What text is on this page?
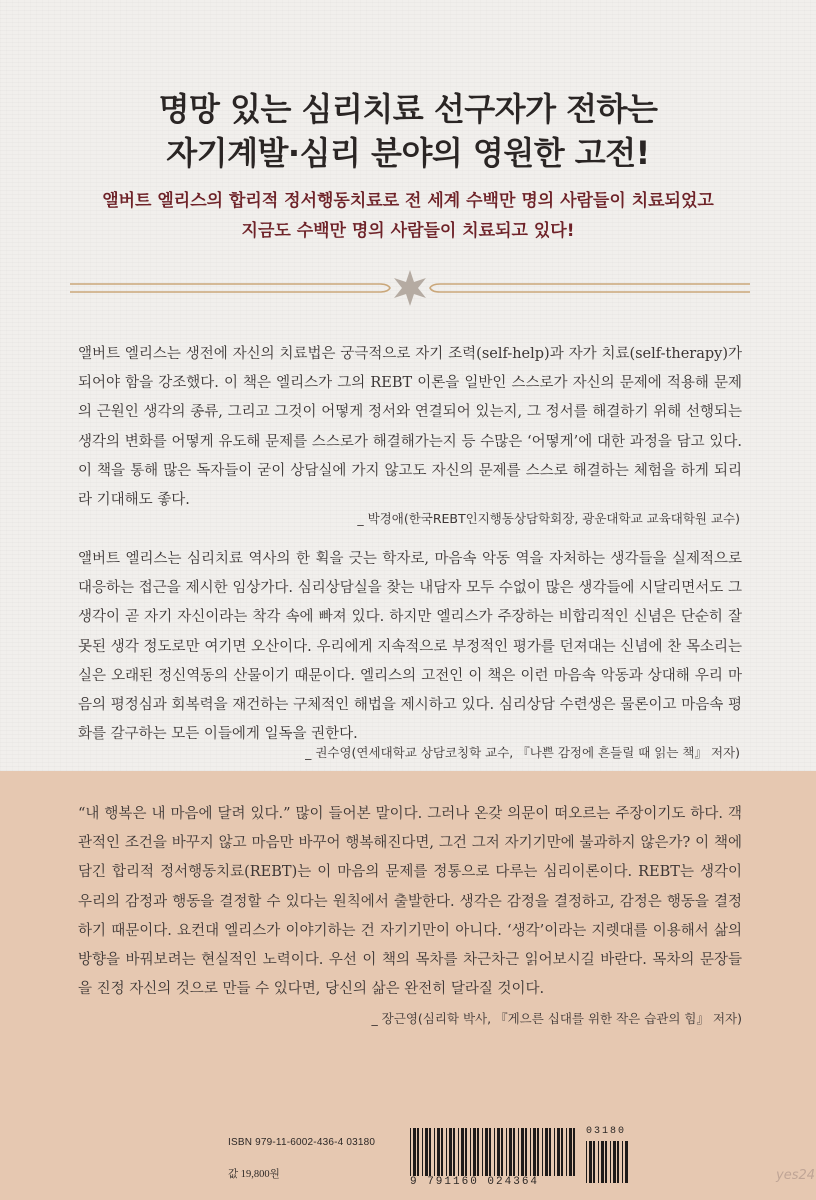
명망 있는 심리치료 선구자가 전하는
자기계발·심리 분야의 영원한 고전!
앨버트 엘리스의 합리적 정서행동치료로 전 세계 수백만 명의 사람들이 치료되었고
지금도 수백만 명의 사람들이 치료되고 있다!

앨버트 엘리스는 생전에 자신의 치료법은 궁극적으로 자기 조력(self-help)과 자가 치료(self-therapy)가 되어야 함을 강조했다. 이 책은 엘리스가 그의 REBT 이론을 일반인 스스로가 자신의 문제에 적용해 문제의 근원인 생각의 종류, 그리고 그것이 어떻게 정서와 연결되어 있는지, 그 정서를 해결하기 위해 선행되는 생각의 변화를 어떻게 유도해 문제를 스스로가 해결해가는지 등 수많은 ‘어떻게’에 대한 과정을 담고 있다. 이 책을 통해 많은 독자들이 굳이 상담실에 가지 않고도 자신의 문제를 스스로 해결하는 체험을 하게 되리라 기대해도 좋다.

_ 박경애(한국REBT인지행동상담학회장, 광운대학교 교육대학원 교수)

앨버트 엘리스는 심리치료 역사의 한 획을 긋는 학자로, 마음속 악동 역을 자처하는 생각들을 실제적으로 대응하는 접근을 제시한 임상가다. 심리상담실을 찾는 내담자 모두 수없이 많은 생각들에 시달리면서도 그 생각이 곧 자기 자신이라는 착각 속에 빠져 있다. 하지만 엘리스가 주장하는 비합리적인 신념은 단순히 잘못된 생각 정도로만 여기면 오산이다. 우리에게 지속적으로 부정적인 평가를 던져대는 신념에 찬 목소리는 실은 오래된 정신역동의 산물이기 때문이다. 엘리스의 고전인 이 책은 이런 마음속 악동과 상대해 우리 마음의 평정심과 회복력을 재건하는 구체적인 해법을 제시하고 있다. 심리상담 수련생은 물론이고 마음속 평화를 갈구하는 모든 이들에게 일독을 권한다.

_ 권수영(연세대학교 상담코칭학 교수, 『나쁜 감정에 흔들릴 때 읽는 책』 저자)

“내 행복은 내 마음에 달려 있다.” 많이 들어본 말이다. 그러나 온갖 의문이 떠오르는 주장이기도 하다. 객관적인 조건을 바꾸지 않고 마음만 바꾸어 행복해진다면, 그건 그저 자기기만에 불과하지 않은가? 이 책에 담긴 합리적 정서행동치료(REBT)는 이 마음의 문제를 정통으로 다루는 심리이론이다. REBT는 생각이 우리의 감정과 행동을 결정할 수 있다는 원칙에서 출발한다. 생각은 감정을 결정하고, 감정은 행동을 결정하기 때문이다. 요컨대 엘리스가 이야기하는 건 자기기만이 아니다. ‘생각’이라는 지렛대를 이용해서 삶의 방향을 바꿔보려는 현실적인 노력이다. 우선 이 책의 목차를 차근차근 읽어보시길 바란다. 목차의 문장들을 진정 자신의 것으로 만들 수 있다면, 당신의 삶은 완전히 달라질 것이다.
_ 장근영(심리학 박사, 『게으른 십대를 위한 작은 습관의 힘』 저자)

ISBN 979-11-6002-436-4 03180
값 19,800원
9 791160 024364
03180
yes24
